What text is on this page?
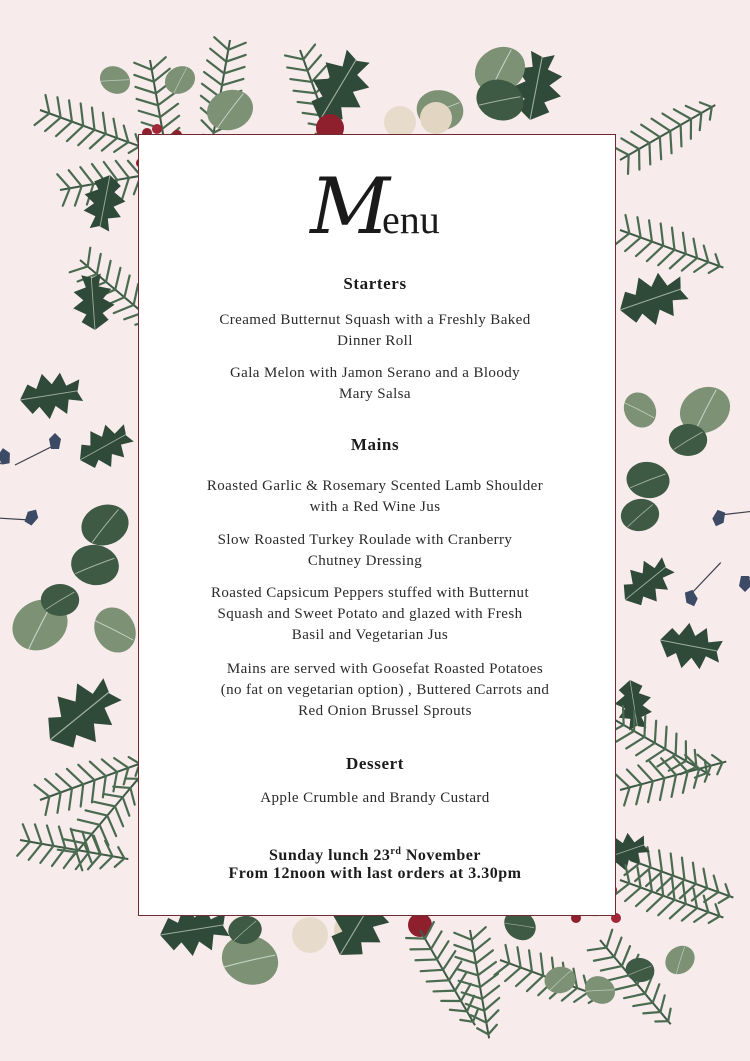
Menu
Starters
Creamed Butternut Squash with a Freshly Baked
Dinner Roll
Gala Melon with Jamon Serano and a Bloody
Mary Salsa
Mains
Roasted Garlic & Rosemary Scented Lamb Shoulder
with a Red Wine Jus
Slow Roasted Turkey Roulade with Cranberry
Chutney Dressing
Roasted Capsicum Peppers stuffed with Butternut
Squash and Sweet Potato and glazed with Fresh
Basil and Vegetarian Jus
Mains are served with Goosefat Roasted Potatoes
(no fat on vegetarian option) , Buttered Carrots and
Red Onion Brussel Sprouts
Dessert
Apple Crumble and Brandy Custard
Sunday lunch 23rd November
From 12noon with last orders at 3.30pm
